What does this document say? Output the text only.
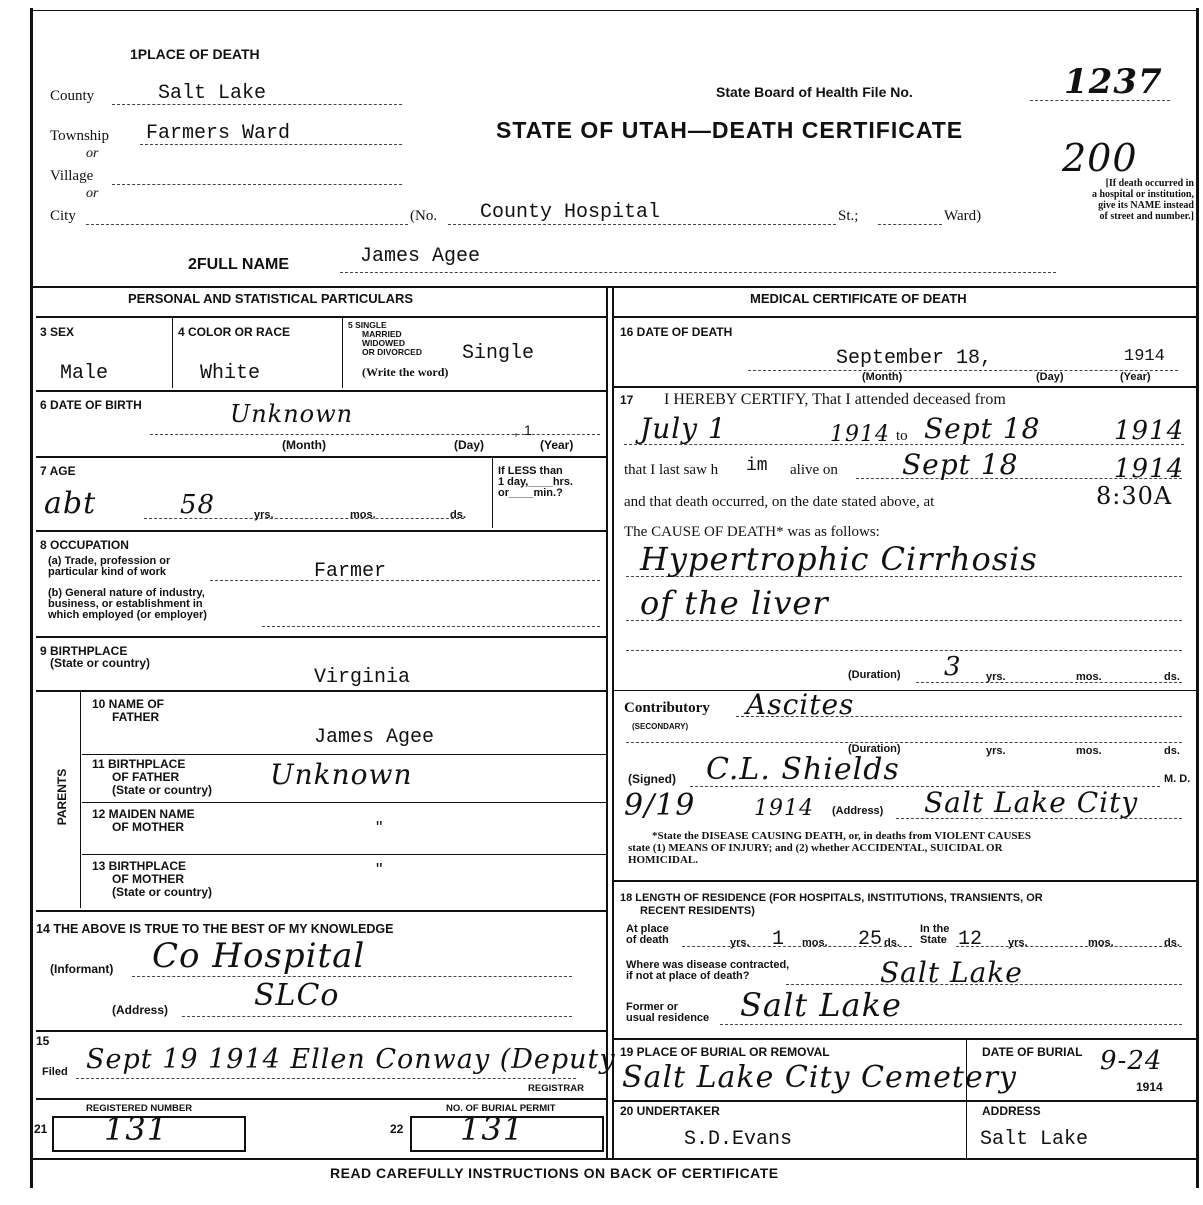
1PLACE OF DEATH
County	Salt Lake
Township Farmers Ward
or
Village
or
City	(No. County Hospital	St.;	Ward)
State Board of Health File No.	1237
STATE OF UTAH—DEATH CERTIFICATE
200
[If death occurred in
a hospital or institution,
give its NAME instead
of street and number.]
2FULL NAME	James Agee
PERSONAL AND STATISTICAL PARTICULARS
3 SEX
Male
4 COLOR OR RACE
White
5 SINGLE
MARRIED
WIDOWED
OR DIVORCED
(Write the word)
Single
6 DATE OF BIRTH	Unknown
, 1
(Month)	(Day)	(Year)
7 AGE
abt	58	yrs.	mos.	ds.
If LESS than
1 day,____hrs.
or____min.?
8 OCCUPATION
(a) Trade, profession or
particular kind of work	Farmer
(b) General nature of industry,
business, or establishment in
which employed (or employer)
9 BIRTHPLACE
(State or country)
Virginia
PARENTS
10 NAME OF
FATHER
James Agee
11 BIRTHPLACE
OF FATHER
(State or country) Unknown
12 MAIDEN NAME
OF MOTHER	"
13 BIRTHPLACE
OF MOTHER
(State or country)
"
14 THE ABOVE IS TRUE TO THE BEST OF MY KNOWLEDGE
(Informant) Co Hospital
(Address)	SLCo
15
Filed Sept 19 1914 Ellen Conway (Deputy
REGISTRAR
REGISTERED NUMBER	NO. OF BURIAL PERMIT
21 131	22 131
MEDICAL CERTIFICATE OF DEATH
16 DATE OF DEATH
September 18,	1914
(Month)	(Day)	(Year)
17 I HEREBY CERTIFY, That I attended deceased from
July 1	1914 to Sept 18	1914
that I last saw h im alive on Sept 18	1914
and that death occurred, on the date stated above, at	8:30A
The CAUSE OF DEATH* was as follows:
Hypertrophic Cirrhosis
of the liver
(Duration) 3 yrs.	mos.	ds.
Contributory
(SECONDARY)
Ascites
(Duration)	yrs.	mos.	ds.
(Signed) C.L. Shields	M. D.
9/19	1914 (Address) Salt Lake City
*State the DISEASE CAUSING DEATH, or, in deaths from VIOLENT CAUSES
state (1) MEANS OF INJURY; and (2) whether ACCIDENTAL, SUICIDAL OR
HOMICIDAL.
18 LENGTH OF RESIDENCE (FOR HOSPITALS, INSTITUTIONS, TRANSIENTS, OR
RECENT RESIDENTS)
At place
of death	yrs. 1 mos. 25 ds.
In the
State 12 yrs.	mos.	ds.
Where was disease contracted,
if not at place of death?	Salt Lake
Former or
usual residence Salt Lake
19 PLACE OF BURIAL OR REMOVAL
Salt Lake City Cemetery
DATE OF BURIAL 9-24
1914
20 UNDERTAKER
S.D.Evans
ADDRESS
Salt Lake
READ CAREFULLY INSTRUCTIONS ON BACK OF CERTIFICATE
